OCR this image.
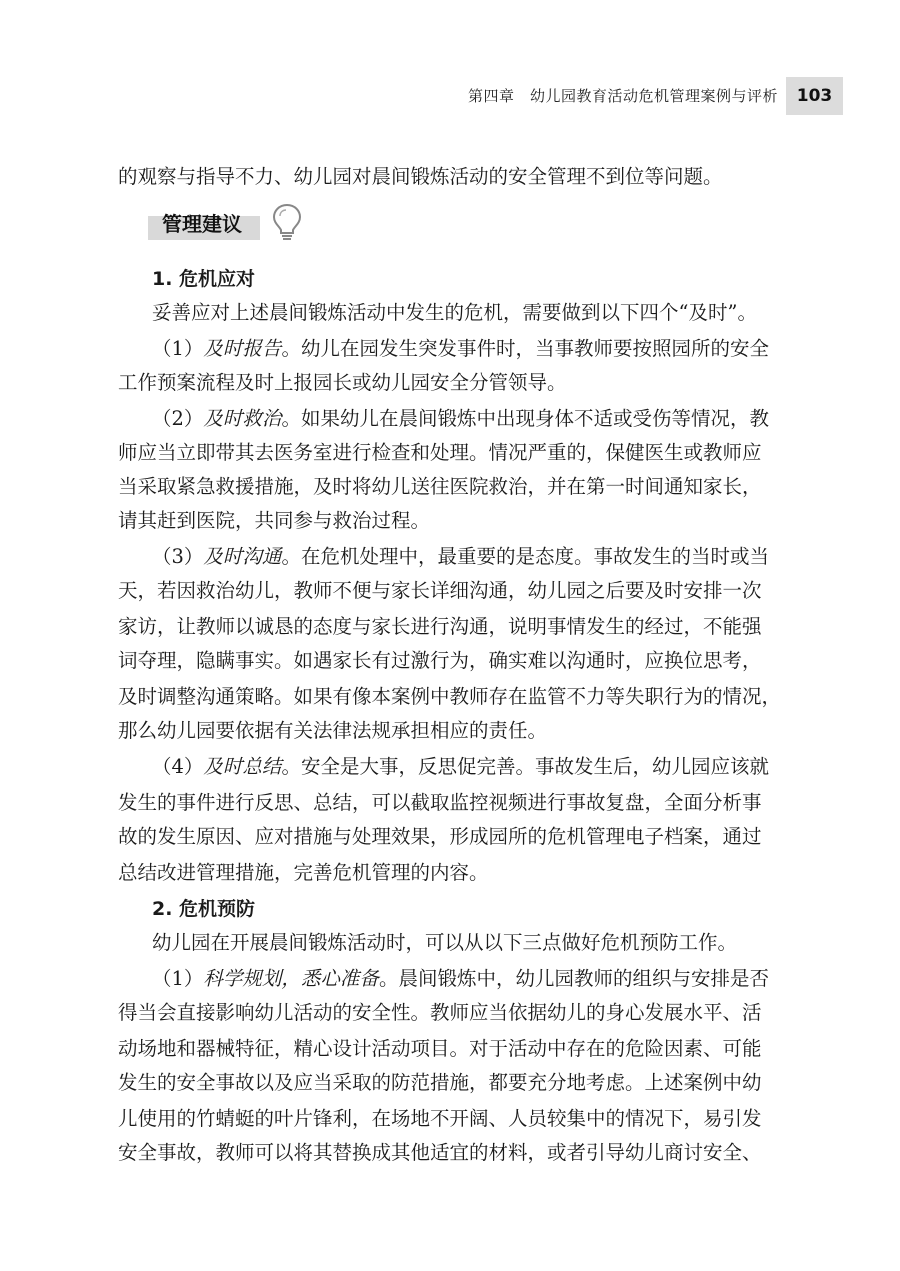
第四章　幼儿园教育活动危机管理案例与评析	103
的观察与指导不力、幼儿园对晨间锻炼活动的安全管理不到位等问题。
管理建议
1. 危机应对
妥善应对上述晨间锻炼活动中发生的危机，需要做到以下四个“及时”。
（1）及时报告。幼儿在园发生突发事件时，当事教师要按照园所的安全
工作预案流程及时上报园长或幼儿园安全分管领导。
（2）及时救治。如果幼儿在晨间锻炼中出现身体不适或受伤等情况，教
师应当立即带其去医务室进行检查和处理。情况严重的，保健医生或教师应
当采取紧急救援措施，及时将幼儿送往医院救治，并在第一时间通知家长，
请其赶到医院，共同参与救治过程。
（3）及时沟通。在危机处理中，最重要的是态度。事故发生的当时或当
天，若因救治幼儿，教师不便与家长详细沟通，幼儿园之后要及时安排一次
家访，让教师以诚恳的态度与家长进行沟通，说明事情发生的经过，不能强
词夺理，隐瞒事实。如遇家长有过激行为，确实难以沟通时，应换位思考，
及时调整沟通策略。如果有像本案例中教师存在监管不力等失职行为的情况，
那么幼儿园要依据有关法律法规承担相应的责任。
（4）及时总结。安全是大事，反思促完善。事故发生后，幼儿园应该就
发生的事件进行反思、总结，可以截取监控视频进行事故复盘，全面分析事
故的发生原因、应对措施与处理效果，形成园所的危机管理电子档案，通过
总结改进管理措施，完善危机管理的内容。
2. 危机预防
幼儿园在开展晨间锻炼活动时，可以从以下三点做好危机预防工作。
（1）科学规划，悉心准备。晨间锻炼中，幼儿园教师的组织与安排是否
得当会直接影响幼儿活动的安全性。教师应当依据幼儿的身心发展水平、活
动场地和器械特征，精心设计活动项目。对于活动中存在的危险因素、可能
发生的安全事故以及应当采取的防范措施，都要充分地考虑。上述案例中幼
儿使用的竹蜻蜓的叶片锋利，在场地不开阔、人员较集中的情况下，易引发
安全事故，教师可以将其替换成其他适宜的材料，或者引导幼儿商讨安全、
